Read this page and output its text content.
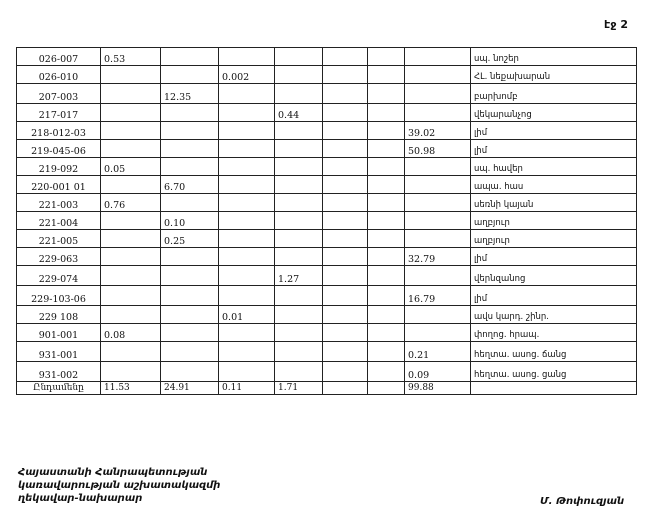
էջ 2
026-007	0.53							սպ. նոշեր
026-010			0.002					ՀԼ. նեքախարան
207-003		12.35						բարխոմբ
217-017				0.44				վեկարանչոց
218-012-03							39.02	լիմ
219-045-06							50.98	լիմ
219-092	0.05							սպ. հավեր
220-001 01		6.70						ապա. հաս
221-003	0.76							սեռնի կայան
221-004		0.10						աղբյուր
221-005		0.25						աղբյուր
229-063							32.79	լիմ
229-074				1.27				վերնզանոց
229-103-06							16.79	լիմ
229 108			0.01					ավս կարդ. շինր.
901-001	0.08							փողոց. հրապ.
931-001							0.21	հեղտա. ասոց. ճանց
931-002							0.09	հեղտա. ասոց. ցանց
Ընդամենը	11.53	24.91	0.11	1.71			99.88	
Հայաստանի Հանրապետության
կառավարության աշխատակազմի
ղեկավար-նախարար	Մ. Թոփուզյան
